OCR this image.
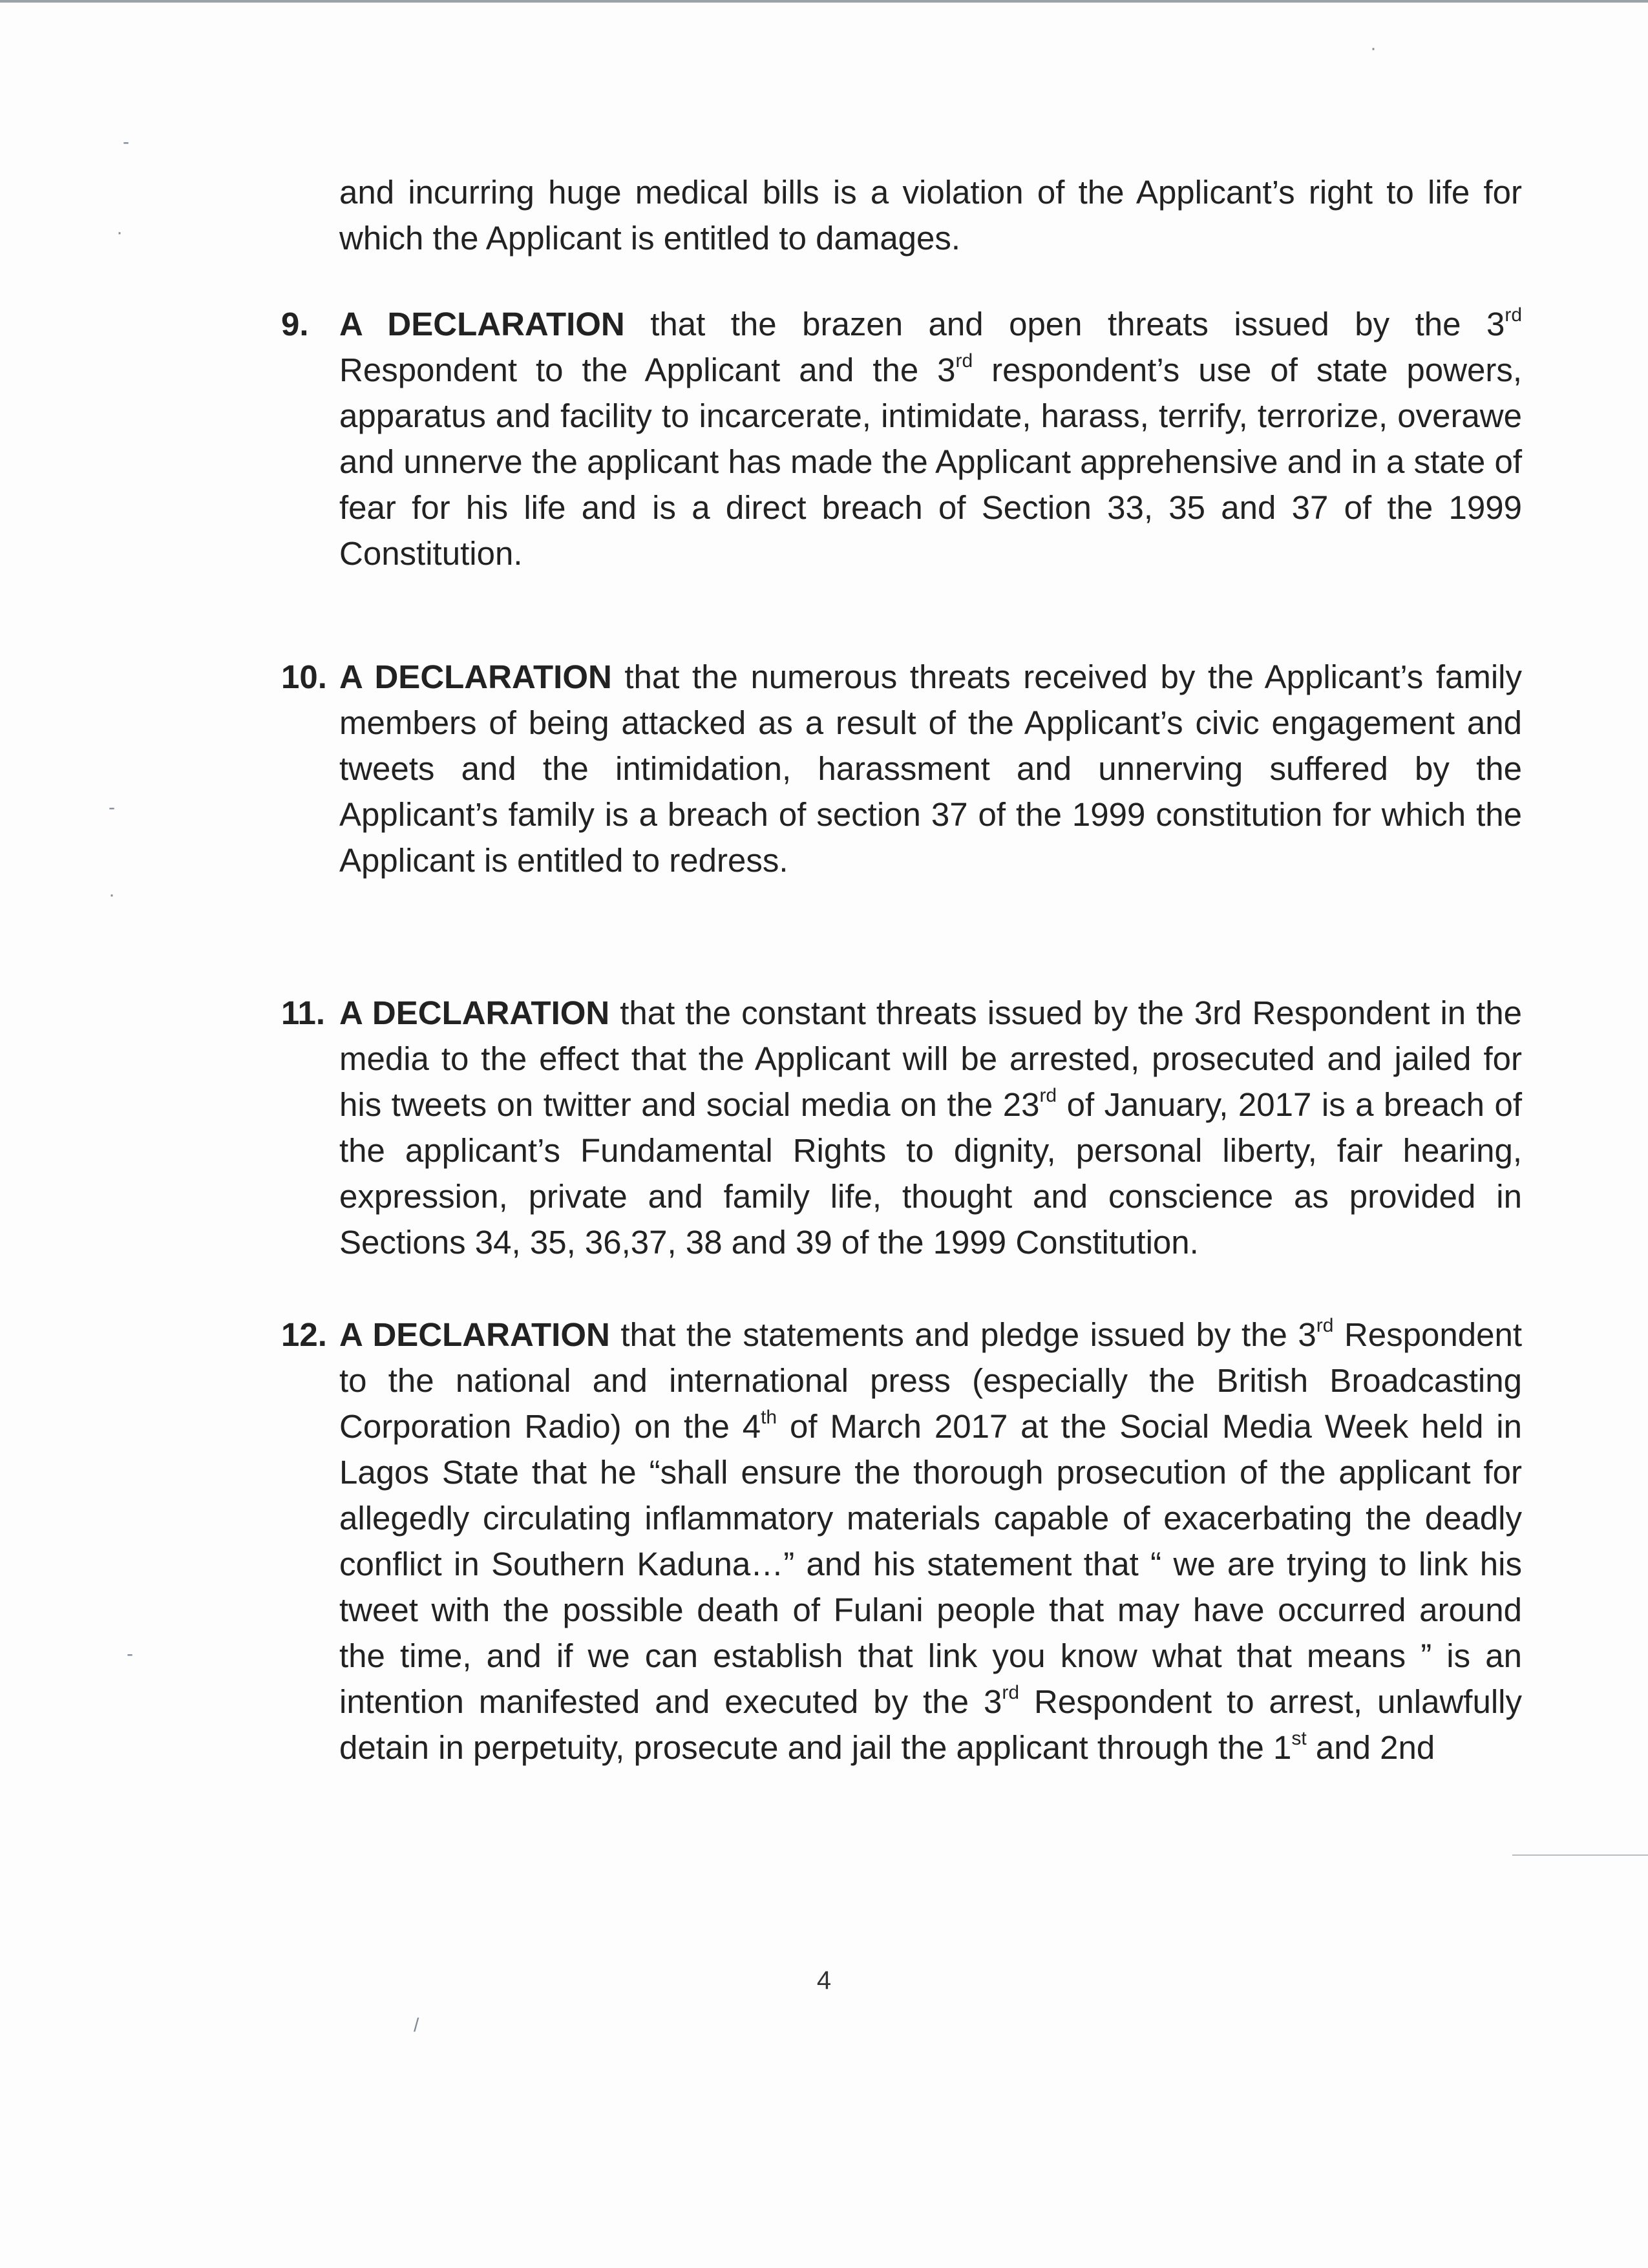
-
·
-
·
-
·
/
and incurring huge medical bills is a violation of the Applicant’s right to life for which the Applicant is entitled to damages.
9. A DECLARATION that the brazen and open threats issued by the 3rd Respondent to the Applicant and the 3rd respondent’s use of state powers, apparatus and facility to incarcerate, intimidate, harass, terrify, terrorize, overawe and unnerve the applicant has made the Applicant apprehensive and in a state of fear for his life and is a direct breach of Section 33, 35 and 37 of the 1999 Constitution.
10. A DECLARATION that the numerous threats received by the Applicant’s family members of being attacked as a result of the Applicant’s civic engagement and tweets and the intimidation, harassment and unnerving suffered by the Applicant’s family is a breach of section 37 of the 1999 constitution for which the Applicant is entitled to redress.
11. A DECLARATION that the constant threats issued by the 3rd Respondent in the media to the effect that the Applicant will be arrested, prosecuted and jailed for his tweets on twitter and social media on the 23rd of January, 2017 is a breach of the applicant’s Fundamental Rights to dignity, personal liberty, fair hearing, expression, private and family life, thought and conscience as provided in Sections 34, 35, 36,37, 38 and 39 of the 1999 Constitution.
12. A DECLARATION that the statements and pledge issued by the 3rd Respondent to the national and international press (especially the British Broadcasting Corporation Radio) on the 4th of March 2017 at the Social Media Week held in Lagos State that he “shall ensure the thorough prosecution of the applicant for allegedly circulating inflammatory materials capable of exacerbating the deadly conflict in Southern Kaduna…” and his statement that “ we are trying to link his tweet with the possible death of Fulani people that may have occurred around the time, and if we can establish that link you know what that means ” is an intention manifested and executed by the 3rd Respondent to arrest, unlawfully detain in perpetuity, prosecute and jail the applicant through the 1st and 2nd
4
